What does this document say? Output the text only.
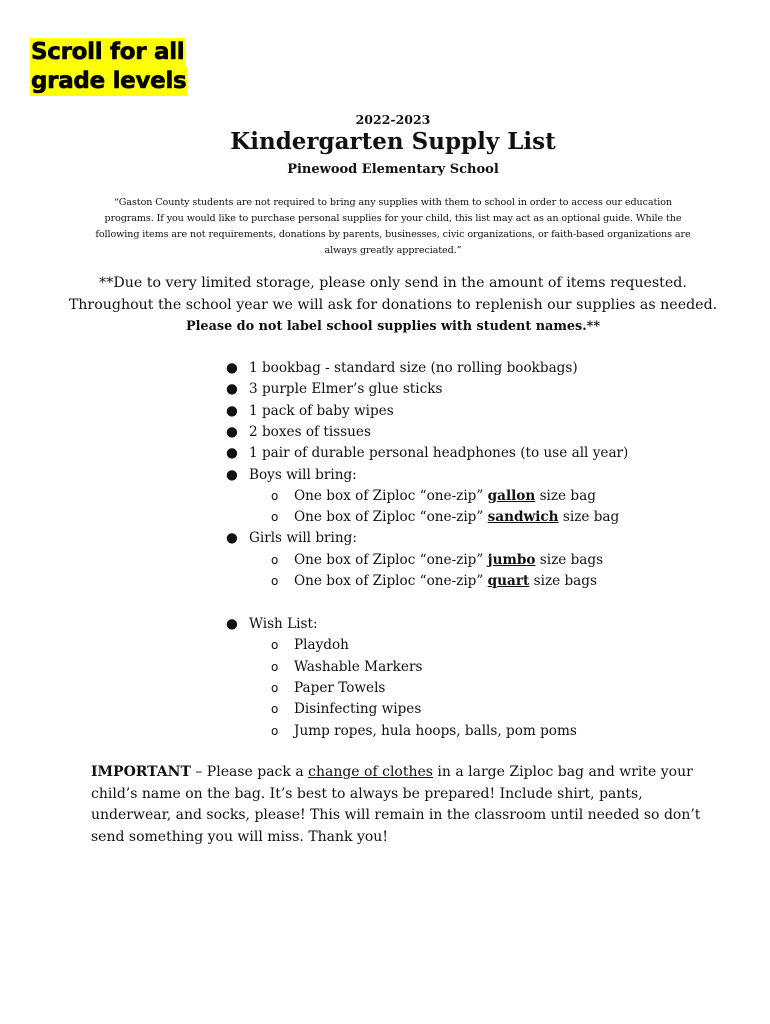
Scroll for all
grade levels
2022-2023
Kindergarten Supply List
Pinewood Elementary School
“Gaston County students are not required to bring any supplies with them to school in order to access our education programs. If you would like to purchase personal supplies for your child, this list may act as an optional guide. While the following items are not requirements, donations by parents, businesses, civic organizations, or faith-based organizations are always greatly appreciated.”
**Due to very limited storage, please only send in the amount of items requested.
Throughout the school year we will ask for donations to replenish our supplies as needed.
Please do not label school supplies with student names.**
● 1 bookbag - standard size (no rolling bookbags)
● 3 purple Elmer’s glue sticks
● 1 pack of baby wipes
● 2 boxes of tissues
● 1 pair of durable personal headphones (to use all year)
● Boys will bring:
o One box of Ziploc “one-zip” gallon size bag
o One box of Ziploc “one-zip” sandwich size bag
● Girls will bring:
o One box of Ziploc “one-zip” jumbo size bags
o One box of Ziploc “one-zip” quart size bags
● Wish List:
o Playdoh
o Washable Markers
o Paper Towels
o Disinfecting wipes
o Jump ropes, hula hoops, balls, pom poms
IMPORTANT – Please pack a change of clothes in a large Ziploc bag and write your child’s name on the bag. It’s best to always be prepared! Include shirt, pants, underwear, and socks, please! This will remain in the classroom until needed so don’t send something you will miss. Thank you!
